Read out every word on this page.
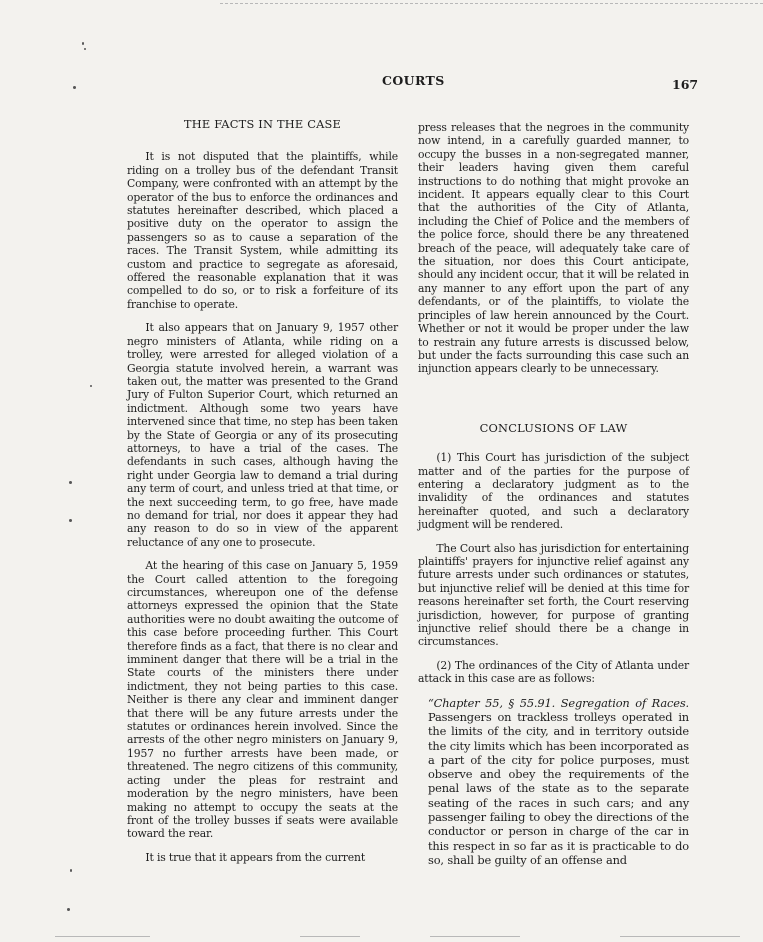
COURTS	167
THE FACTS IN THE CASE

It is not disputed that the plaintiffs, while riding on a trolley bus of the defendant Transit Company, were confronted with an attempt by the operator of the bus to enforce the ordinances and statutes hereinafter described, which placed a positive duty on the operator to assign the passengers so as to cause a separation of the races. The Transit System, while admitting its custom and practice to segregate as aforesaid, offered the reasonable explanation that it was compelled to do so, or to risk a forfeiture of its franchise to operate.

It also appears that on January 9, 1957 other negro ministers of Atlanta, while riding on a trolley, were arrested for alleged violation of a Georgia statute involved herein, a warrant was taken out, the matter was presented to the Grand Jury of Fulton Superior Court, which returned an indictment. Although some two years have intervened since that time, no step has been taken by the State of Georgia or any of its prosecuting attorneys, to have a trial of the cases. The defendants in such cases, although having the right under Georgia law to demand a trial during any term of court, and unless tried at that time, or the next succeeding term, to go free, have made no demand for trial, nor does it appear they had any reason to do so in view of the apparent reluctance of any one to prosecute.

At the hearing of this case on January 5, 1959 the Court called attention to the foregoing circumstances, whereupon one of the defense attorneys expressed the opinion that the State authorities were no doubt awaiting the outcome of this case before proceeding further. This Court therefore finds as a fact, that there is no clear and imminent danger that there will be a trial in the State courts of the ministers there under indictment, they not being parties to this case. Neither is there any clear and imminent danger that there will be any future arrests under the statutes or ordinances herein involved. Since the arrests of the other negro ministers on January 9, 1957 no further arrests have been made, or threatened. The negro citizens of this community, acting under the pleas for restraint and moderation by the negro ministers, have been making no attempt to occupy the seats at the front of the trolley busses if seats were available toward the rear.

It is true that it appears from the current

press releases that the negroes in the community now intend, in a carefully guarded manner, to occupy the busses in a non-segregated manner, their leaders having given them careful instructions to do nothing that might provoke an incident. It appears equally clear to this Court that the authorities of the City of Atlanta, including the Chief of Police and the members of the police force, should there be any threatened breach of the peace, will adequately take care of the situation, nor does this Court anticipate, should any incident occur, that it will be related in any manner to any effort upon the part of any defendants, or of the plaintiffs, to violate the principles of law herein announced by the Court. Whether or not it would be proper under the law to restrain any future arrests is discussed below, but under the facts surrounding this case such an injunction appears clearly to be unnecessary.

CONCLUSIONS OF LAW

(1) This Court has jurisdiction of the subject matter and of the parties for the purpose of entering a declaratory judgment as to the invalidity of the ordinances and statutes hereinafter quoted, and such a declaratory judgment will be rendered.

The Court also has jurisdiction for entertaining plaintiffs' prayers for injunctive relief against any future arrests under such ordinances or statutes, but injunctive relief will be denied at this time for reasons hereinafter set forth, the Court reserving jurisdiction, however, for purpose of granting injunctive relief should there be a change in circumstances.

(2) The ordinances of the City of Atlanta under attack in this case are as follows:

“Chapter 55, § 55.91. Segregation of Races. Passengers on trackless trolleys operated in the limits of the city, and in territory outside the city limits which has been incorporated as a part of the city for police purposes, must observe and obey the requirements of the penal laws of the state as to the separate seating of the races in such cars; and any passenger failing to obey the directions of the conductor or person in charge of the car in this respect in so far as it is practicable to do so, shall be guilty of an offense and
